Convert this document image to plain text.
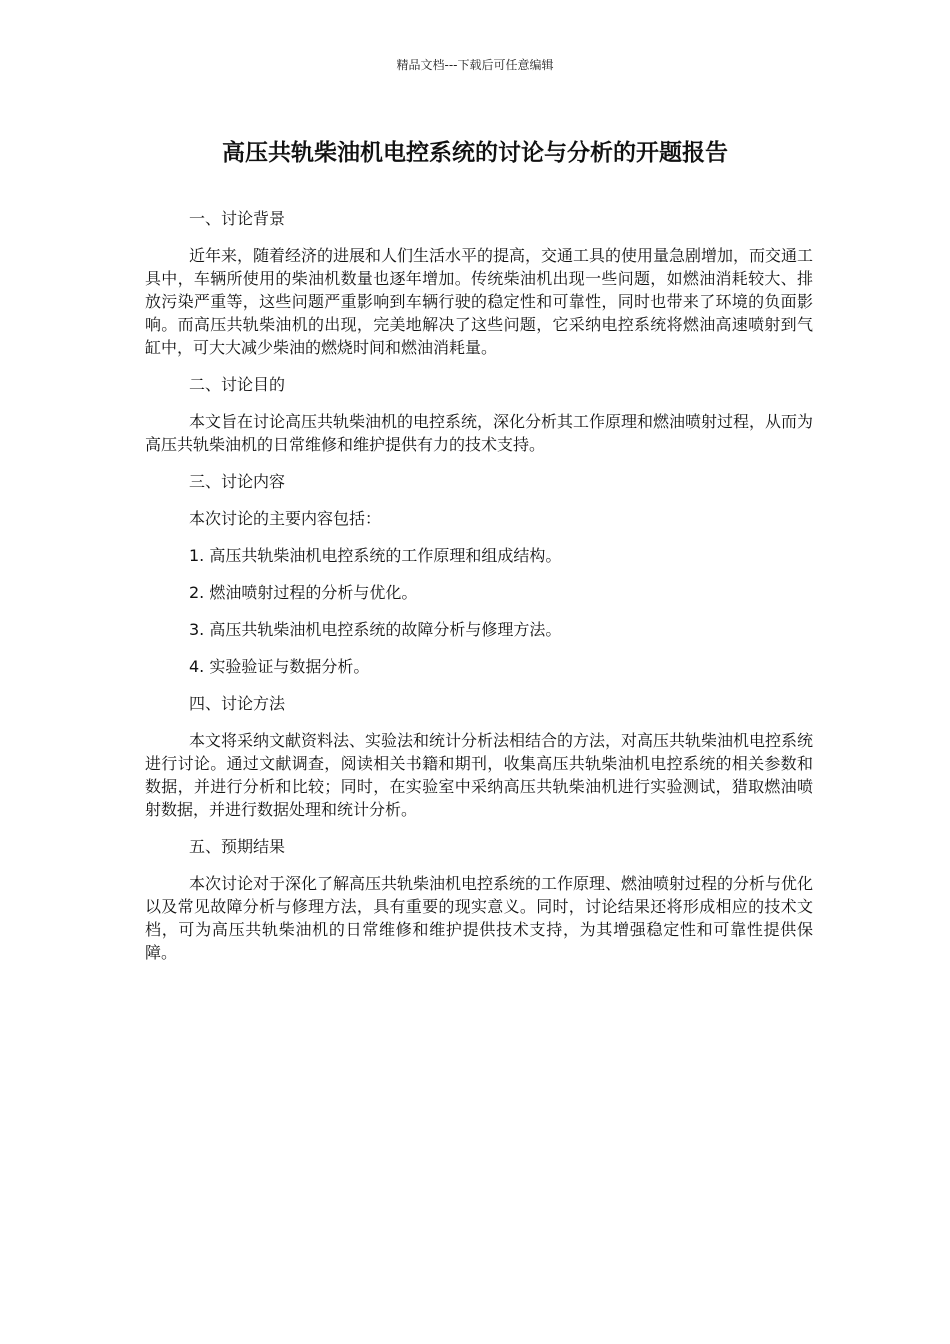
精品文档---下载后可任意编辑
高压共轨柴油机电控系统的讨论与分析的开题报告

一、讨论背景

近年来，随着经济的进展和人们生活水平的提高，交通工具的使用量急剧增加，而交通工具中，车辆所使用的柴油机数量也逐年增加。传统柴油机出现一些问题，如燃油消耗较大、排放污染严重等，这些问题严重影响到车辆行驶的稳定性和可靠性，同时也带来了环境的负面影响。而高压共轨柴油机的出现，完美地解决了这些问题，它采纳电控系统将燃油高速喷射到气缸中，可大大减少柴油的燃烧时间和燃油消耗量。

二、讨论目的

本文旨在讨论高压共轨柴油机的电控系统，深化分析其工作原理和燃油喷射过程，从而为高压共轨柴油机的日常维修和维护提供有力的技术支持。

三、讨论内容

本次讨论的主要内容包括：

1. 高压共轨柴油机电控系统的工作原理和组成结构。

2. 燃油喷射过程的分析与优化。

3. 高压共轨柴油机电控系统的故障分析与修理方法。

4. 实验验证与数据分析。

四、讨论方法

本文将采纳文献资料法、实验法和统计分析法相结合的方法，对高压共轨柴油机电控系统进行讨论。通过文献调查，阅读相关书籍和期刊，收集高压共轨柴油机电控系统的相关参数和数据，并进行分析和比较；同时，在实验室中采纳高压共轨柴油机进行实验测试，猎取燃油喷射数据，并进行数据处理和统计分析。

五、预期结果

本次讨论对于深化了解高压共轨柴油机电控系统的工作原理、燃油喷射过程的分析与优化以及常见故障分析与修理方法，具有重要的现实意义。同时，讨论结果还将形成相应的技术文档，可为高压共轨柴油机的日常维修和维护提供技术支持，为其增强稳定性和可靠性提供保障。
